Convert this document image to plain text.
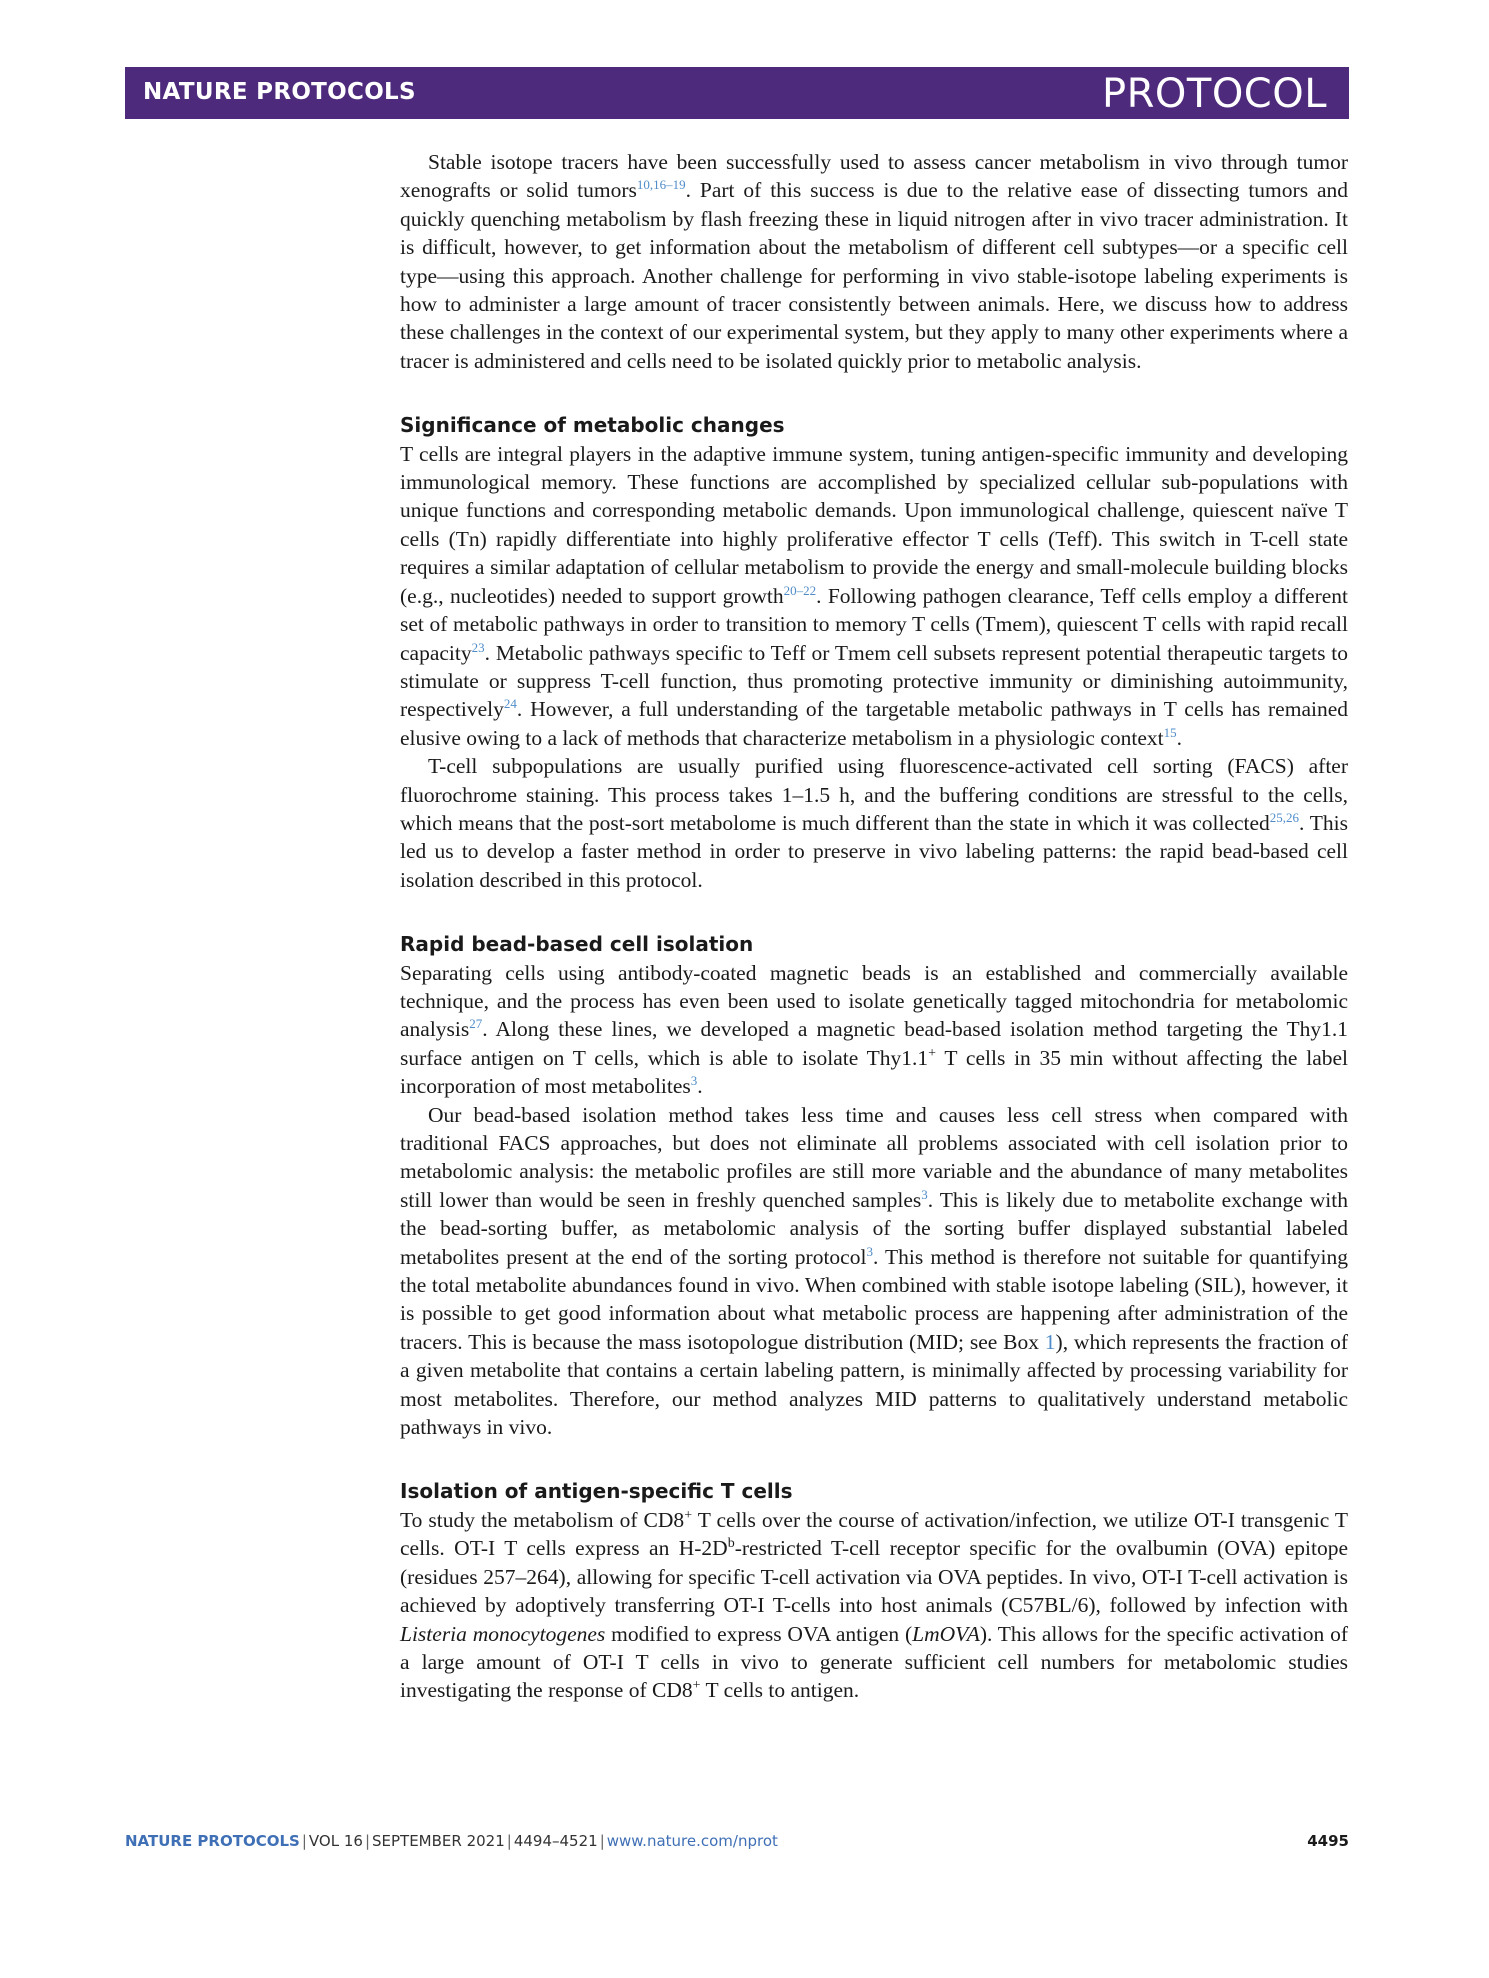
NATURE PROTOCOLS	PROTOCOL

Stable isotope tracers have been successfully used to assess cancer metabolism in vivo through tumor xenografts or solid tumors$^{10,16-19}$. Part of this success is due to the relative ease of dissecting tumors and quickly quenching metabolism by flash freezing these in liquid nitrogen after in vivo tracer administration. It is difficult, however, to get information about the metabolism of different cell subtypes—or a specific cell type—using this approach. Another challenge for performing in vivo stable-isotope labeling experiments is how to administer a large amount of tracer consistently between animals. Here, we discuss how to address these challenges in the context of our experimental system, but they apply to many other experiments where a tracer is administered and cells need to be isolated quickly prior to metabolic analysis.

Significance of metabolic changes

T cells are integral players in the adaptive immune system, tuning antigen-specific immunity and developing immunological memory. These functions are accomplished by specialized cellular sub-populations with unique functions and corresponding metabolic demands. Upon immunological challenge, quiescent naïve T cells (Tn) rapidly differentiate into highly proliferative effector T cells (Teff). This switch in T-cell state requires a similar adaptation of cellular metabolism to provide the energy and small-molecule building blocks (e.g., nucleotides) needed to support growth$^{20-22}$. Following pathogen clearance, Teff cells employ a different set of metabolic pathways in order to transition to memory T cells (Tmem), quiescent T cells with rapid recall capacity$^{23}$. Metabolic pathways specific to Teff or Tmem cell subsets represent potential therapeutic targets to stimulate or suppress T-cell function, thus promoting protective immunity or diminishing autoimmunity, respectively$^{24}$. However, a full understanding of the targetable metabolic pathways in T cells has remained elusive owing to a lack of methods that characterize metabolism in a physiologic context$^{15}$.

T-cell subpopulations are usually purified using fluorescence-activated cell sorting (FACS) after fluorochrome staining. This process takes 1–1.5 h, and the buffering conditions are stressful to the cells, which means that the post-sort metabolome is much different than the state in which it was collected$^{25,26}$. This led us to develop a faster method in order to preserve in vivo labeling patterns: the rapid bead-based cell isolation described in this protocol.

Rapid bead-based cell isolation

Separating cells using antibody-coated magnetic beads is an established and commercially available technique, and the process has even been used to isolate genetically tagged mitochondria for metabolomic analysis$^{27}$. Along these lines, we developed a magnetic bead-based isolation method targeting the Thy1.1 surface antigen on T cells, which is able to isolate Thy1.1+ T cells in 35 min without affecting the label incorporation of most metabolites$^3$.

Our bead-based isolation method takes less time and causes less cell stress when compared with traditional FACS approaches, but does not eliminate all problems associated with cell isolation prior to metabolomic analysis: the metabolic profiles are still more variable and the abundance of many metabolites still lower than would be seen in freshly quenched samples$^3$. This is likely due to metabolite exchange with the bead-sorting buffer, as metabolomic analysis of the sorting buffer displayed substantial labeled metabolites present at the end of the sorting protocol$^3$. This method is therefore not suitable for quantifying the total metabolite abundances found in vivo. When combined with stable isotope labeling (SIL), however, it is possible to get good information about what metabolic process are happening after administration of the tracers. This is because the mass isotopologue distribution (MID; see Box 1), which represents the fraction of a given metabolite that contains a certain labeling pattern, is minimally affected by processing variability for most metabolites. Therefore, our method analyzes MID patterns to qualitatively understand metabolic pathways in vivo.

Isolation of antigen-specific T cells

To study the metabolism of CD8+ T cells over the course of activation/infection, we utilize OT-I transgenic T cells. OT-I T cells express an $H-2D^b$-restricted T-cell receptor specific for the ovalbumin (OVA) epitope (residues 257–264), allowing for specific T-cell activation via OVA peptides. In vivo, OT-I T-cell activation is achieved by adoptively transferring OT-I T-cells into host animals (C57BL/6), followed by infection with Listeria monocytogenes modified to express OVA antigen (LmOVA). This allows for the specific activation of a large amount of OT-I T cells in vivo to generate sufficient cell numbers for metabolomic studies investigating the response of CD8+ T cells to antigen.

NATURE PROTOCOLS | VOL 16 | SEPTEMBER 2021 | 4494–4521 | www.nature.com/nprot	4495
